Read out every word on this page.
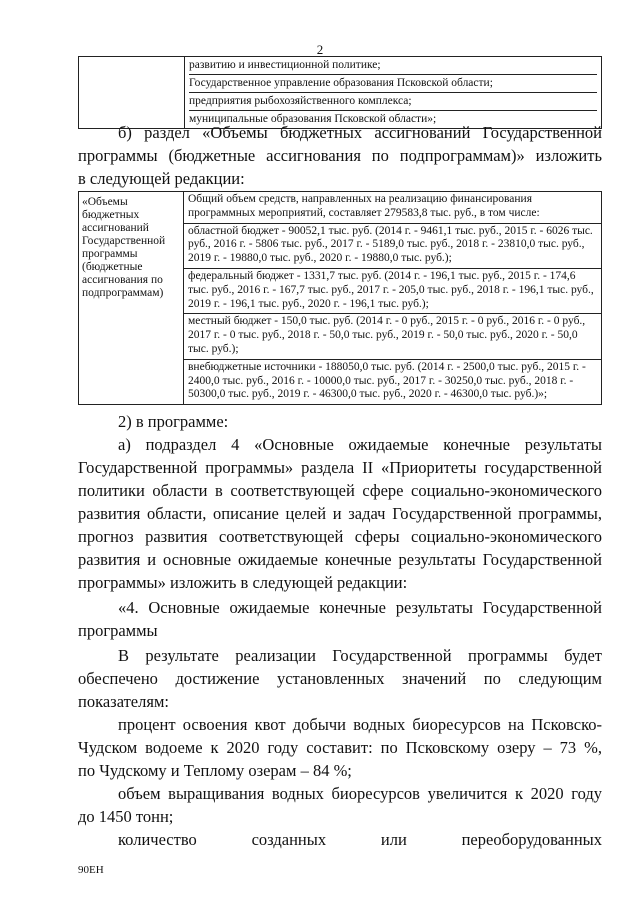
2

развитию и инвестиционной политике;
Государственное управление образования Псковской области;
предприятия рыбохозяйственного комплекса;
муниципальные образования Псковской области»;
б) раздел «Объемы бюджетных ассигнований Государственной
программы (бюджетные ассигнования по подпрограммам)» изложить
в следующей редакции:
«Объемы бюджетных ассигнований Государственной программы (бюджетные ассигнования по подпрограммам)	
Общий объем средств, направленных на реализацию финансирования программных мероприятий, составляет 279583,8 тыс. руб., в том числе:
областной бюджет - 90052,1 тыс. руб. (2014 г. - 9461,1 тыс. руб., 2015 г. - 6026 тыс. руб., 2016 г. - 5806 тыс. руб., 2017 г. - 5189,0 тыс. руб., 2018 г. - 23810,0 тыс. руб., 2019 г. - 19880,0 тыс. руб., 2020 г. - 19880,0 тыс. руб.);
федеральный бюджет - 1331,7 тыс. руб. (2014 г. - 196,1 тыс. руб., 2015 г. - 174,6 тыс. руб., 2016 г. - 167,7 тыс. руб., 2017 г. - 205,0 тыс. руб., 2018 г. - 196,1 тыс. руб., 2019 г. - 196,1 тыс. руб., 2020 г. - 196,1 тыс. руб.);
местный бюджет - 150,0 тыс. руб. (2014 г. - 0 руб., 2015 г. - 0 руб., 2016 г. - 0 руб., 2017 г. - 0 тыс. руб., 2018 г. - 50,0 тыс. руб., 2019 г. - 50,0 тыс. руб., 2020 г. - 50,0 тыс. руб.);
внебюджетные источники - 188050,0 тыс. руб. (2014 г. - 2500,0 тыс. руб., 2015 г. - 2400,0 тыс. руб., 2016 г. - 10000,0 тыс. руб., 2017 г. - 30250,0 тыс. руб., 2018 г. - 50300,0 тыс. руб., 2019 г. - 46300,0 тыс. руб., 2020 г. - 46300,0 тыс. руб.)»;
2) в программе:
а) подраздел 4 «Основные ожидаемые конечные результаты
Государственной программы» раздела II «Приоритеты государственной
политики области в соответствующей сфере социально-экономического
развития области, описание целей и задач Государственной программы,
прогноз развития соответствующей сферы социально-экономического
развития и основные ожидаемые конечные результаты Государственной
программы» изложить в следующей редакции:
«4. Основные ожидаемые конечные результаты Государственной
программы
В результате реализации Государственной программы будет
обеспечено достижение установленных значений по следующим
показателям:
процент освоения квот добычи водных биоресурсов на Псковско-
Чудском водоеме к 2020 году составит: по Псковскому озеру – 73 %,
по Чудскому и Теплому озерам – 84 %;
объем выращивания водных биоресурсов увеличится к 2020 году
до 1450 тонн;
количество созданных или переоборудованных
90ЕН
